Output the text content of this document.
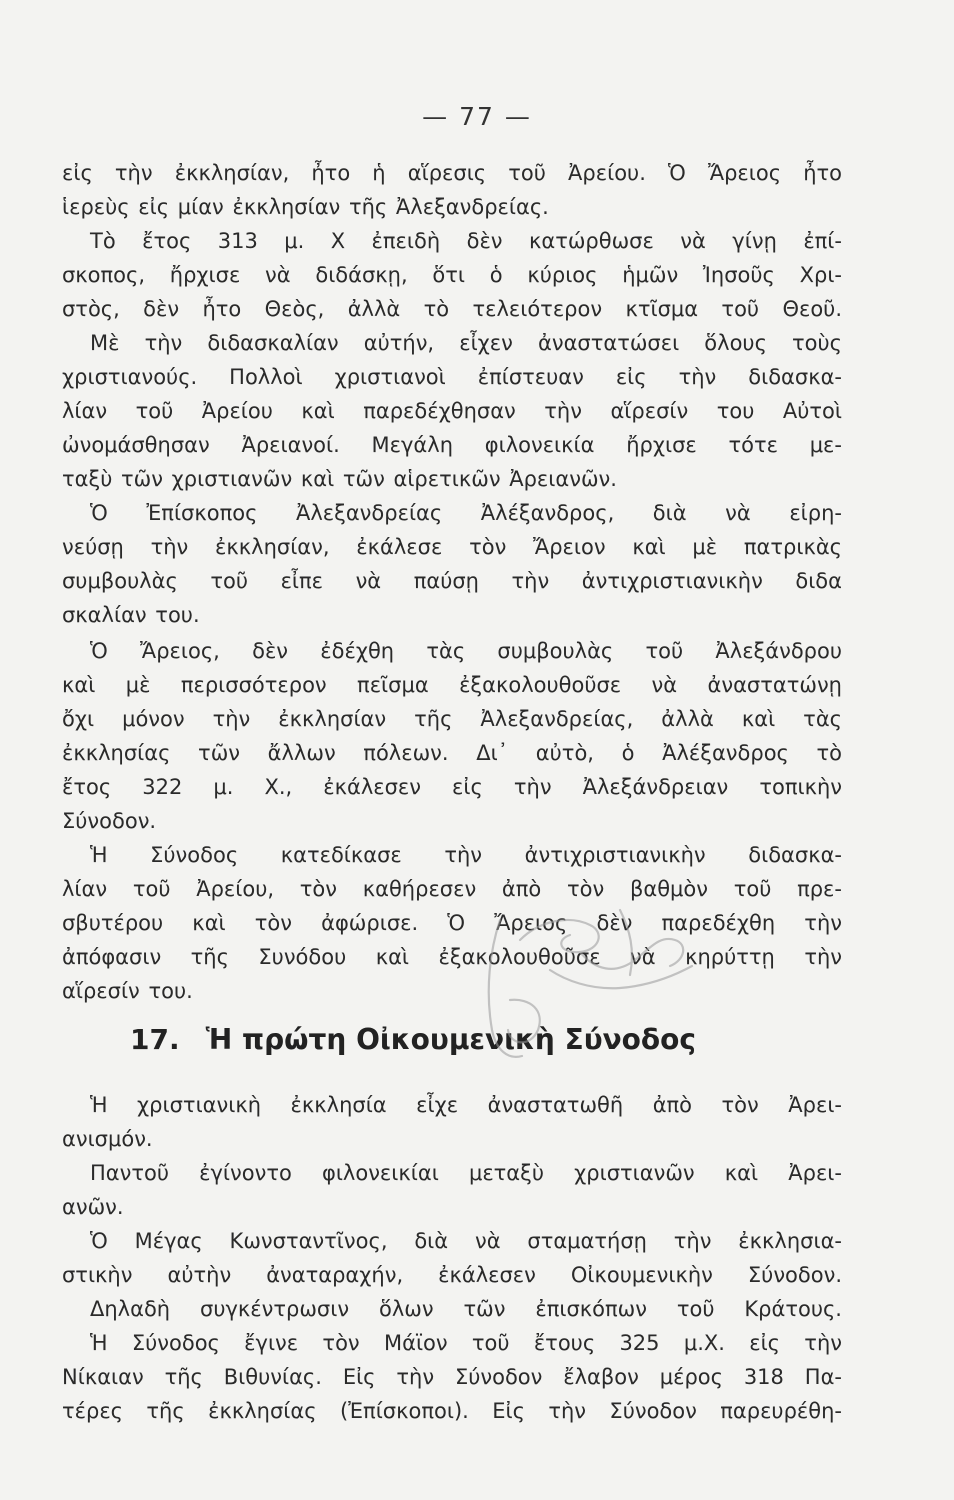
— 77 —
εἰς τὴν ἐκκλησίαν, ἦτο ἡ αἵρεσις τοῦ Ἀρείου. Ὁ Ἄρειος ἦτο
ἱερεὺς εἰς μίαν ἐκκλησίαν τῆς Ἀλεξανδρείας.
Τὸ ἔτος 313 μ. Χ ἐπειδὴ δὲν κατώρθωσε νὰ γίνῃ ἐπί-
σκοπος, ἤρχισε νὰ διδάσκῃ, ὅτι ὁ κύριος ἡμῶν Ἰησοῦς Χρι-
στὸς, δὲν ἦτο Θεὸς, ἀλλὰ τὸ τελειότερον κτῖσμα τοῦ Θεοῦ.
Μὲ τὴν διδασκαλίαν αὐτήν, εἶχεν ἀναστατώσει ὅλους τοὺς
χριστιανούς. Πολλοὶ χριστιανοὶ ἐπίστευαν εἰς τὴν διδασκα-
λίαν τοῦ Ἀρείου καὶ παρεδέχθησαν τὴν αἵρεσίν του Αὐτοὶ
ὠνομάσθησαν Ἀρειανοί. Μεγάλη φιλονεικία ἤρχισε τότε με-
ταξὺ τῶν χριστιανῶν καὶ τῶν αἱρετικῶν Ἀρειανῶν.
Ὁ Ἐπίσκοπος Ἀλεξανδρείας Ἀλέξανδρος, διὰ νὰ εἰρη-
νεύσῃ τὴν ἐκκλησίαν, ἐκάλεσε τὸν Ἄρειον καὶ μὲ πατρικὰς
συμβουλὰς τοῦ εἶπε νὰ παύσῃ τὴν ἀντιχριστιανικὴν διδα
σκαλίαν του.
Ὁ Ἄρειος, δὲν ἐδέχθη τὰς συμβουλὰς τοῦ Ἀλεξάνδρου
καὶ μὲ περισσότερον πεῖσμα ἐξακολουθοῦσε νὰ ἀναστατώνῃ
ὄχι μόνον τὴν ἐκκλησίαν τῆς Ἀλεξανδρείας, ἀλλὰ καὶ τὰς
ἐκκλησίας τῶν ἄλλων πόλεων. Δι᾽ αὐτὸ, ὁ Ἀλέξανδρος τὸ
ἔτος 322 μ. Χ., ἐκάλεσεν εἰς τὴν Ἀλεξάνδρειαν τοπικὴν
Σύνοδον.
Ἡ Σύνοδος κατεδίκασε τὴν ἀντιχριστιανικὴν διδασκα-
λίαν τοῦ Ἀρείου, τὸν καθήρεσεν ἀπὸ τὸν βαθμὸν τοῦ πρε-
σβυτέρου καὶ τὸν ἀφώρισε. Ὁ Ἄρειος δὲν παρεδέχθη τὴν
ἀπόφασιν τῆς Συνόδου καὶ ἐξακολουθοῦσε νὰ κηρύττῃ τὴν
αἵρεσίν του.
17. Ἡ πρώτη Οἰκουμενικὴ Σύνοδος
Ἡ χριστιανικὴ ἐκκλησία εἶχε ἀναστατωθῆ ἀπὸ τὸν Ἀρει-
ανισμόν.
Παντοῦ ἐγίνοντο φιλονεικίαι μεταξὺ χριστιανῶν καὶ Ἀρει-
ανῶν.
Ὁ Μέγας Κωνσταντῖνος, διὰ νὰ σταματήσῃ τὴν ἐκκλησια-
στικὴν αὐτὴν ἀναταραχήν, ἐκάλεσεν Οἰκουμενικὴν Σύνοδον.
Δηλαδὴ συγκέντρωσιν ὅλων τῶν ἐπισκόπων τοῦ Κράτους.
Ἡ Σύνοδος ἔγινε τὸν Μάϊον τοῦ ἔτους 325 μ.Χ. εἰς τὴν
Νίκαιαν τῆς Βιθυνίας. Εἰς τὴν Σύνοδον ἔλαβον μέρος 318 Πα-
τέρες τῆς ἐκκλησίας (Ἐπίσκοποι). Εἰς τὴν Σύνοδον παρευρέθη-
